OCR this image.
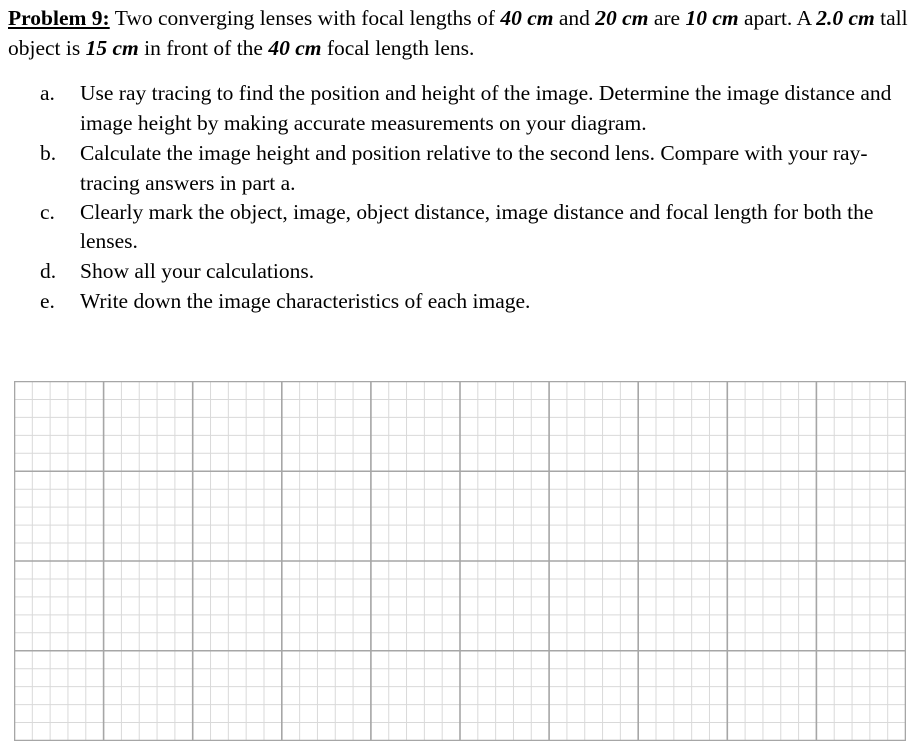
Problem 9: Two converging lenses with focal lengths of 40 cm and 20 cm are 10 cm apart. A 2.0 cm tall object is 15 cm in front of the 40 cm focal length lens.
a.	Use ray tracing to find the position and height of the image. Determine the image distance and image height by making accurate measurements on your diagram.
b.	Calculate the image height and position relative to the second lens. Compare with your ray-tracing answers in part a.
c.	Clearly mark the object, image, object distance, image distance and focal length for both the lenses.
d.	Show all your calculations.
e.	Write down the image characteristics of each image.
